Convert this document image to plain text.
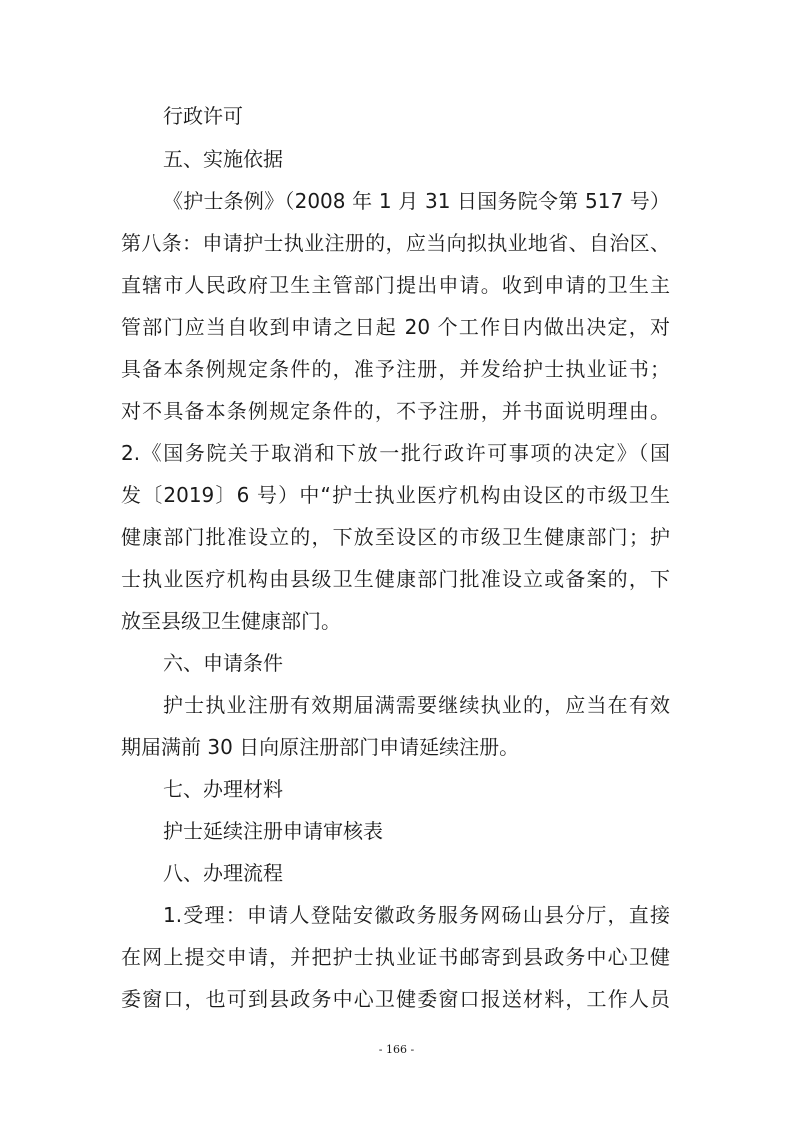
行政许可
五、实施依据
《护士条例》（2008 年 1 月 31 日国务院令第 517 号）
第八条：申请护士执业注册的，应当向拟执业地省、自治区、
直辖市人民政府卫生主管部门提出申请。收到申请的卫生主
管部门应当自收到申请之日起 20 个工作日内做出决定，对
具备本条例规定条件的，准予注册，并发给护士执业证书；
对不具备本条例规定条件的，不予注册，并书面说明理由。
2.《国务院关于取消和下放一批行政许可事项的决定》（国
发〔2019〕6 号）中“护士执业医疗机构由设区的市级卫生
健康部门批准设立的，下放至设区的市级卫生健康部门；护
士执业医疗机构由县级卫生健康部门批准设立或备案的，下
放至县级卫生健康部门。
六、申请条件
护士执业注册有效期届满需要继续执业的，应当在有效
期届满前 30 日向原注册部门申请延续注册。
七、办理材料
护士延续注册申请审核表
八、办理流程
1.受理：申请人登陆安徽政务服务网砀山县分厅，直接
在网上提交申请，并把护士执业证书邮寄到县政务中心卫健
委窗口，也可到县政务中心卫健委窗口报送材料，工作人员
- 166 -
